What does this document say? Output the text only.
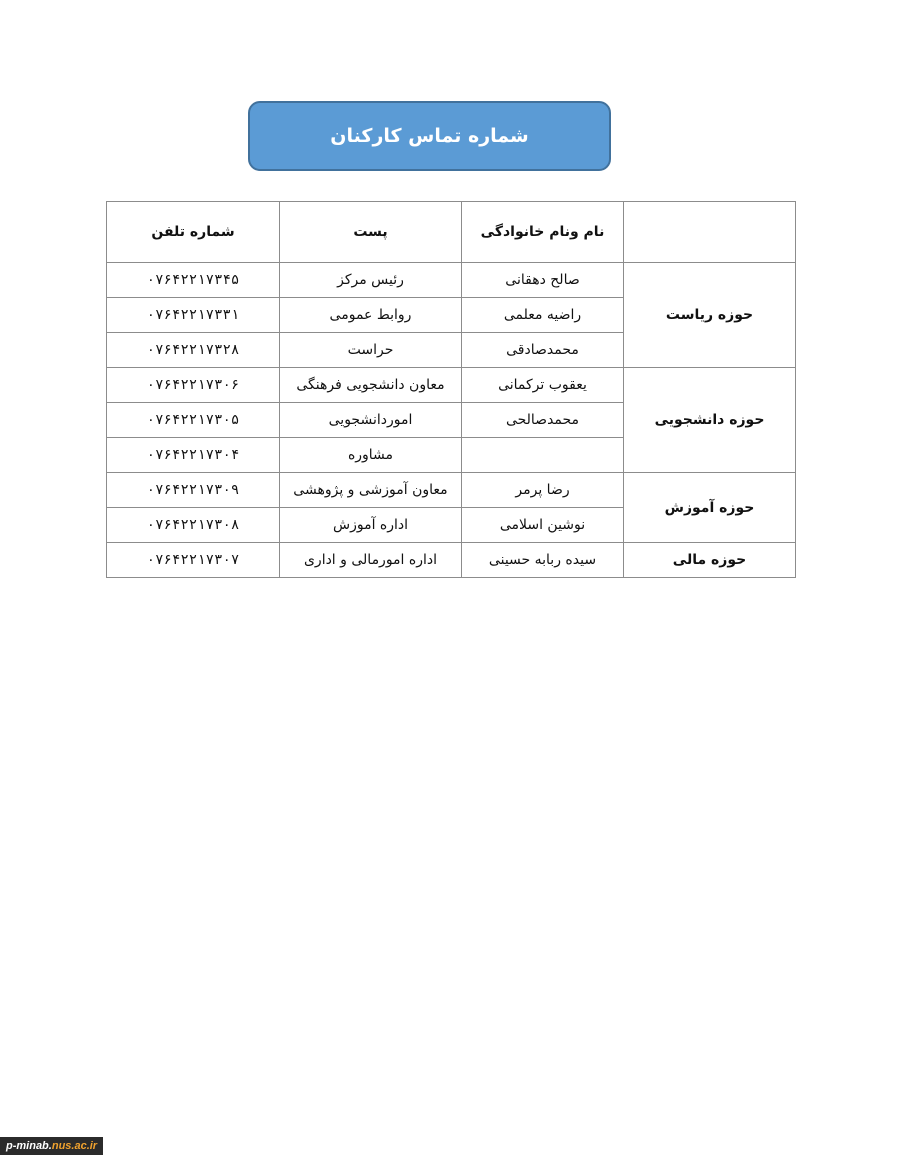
شماره تماس کارکنان
	نام ونام خانوادگی	پست	شماره تلفن
حوزه ریاست	صالح دهقانی	رئیس مرکز	۰۷۶۴۲۲۱۷۳۴۵
	راضیه معلمی	روابط عمومی	۰۷۶۴۲۲۱۷۳۳۱
	محمدصادقی	حراست	۰۷۶۴۲۲۱۷۳۲۸
حوزه دانشجویی	یعقوب ترکمانی	معاون دانشجویی فرهنگی	۰۷۶۴۲۲۱۷۳۰۶
	محمدصالحی	اموردانشجویی	۰۷۶۴۲۲۱۷۳۰۵
		مشاوره	۰۷۶۴۲۲۱۷۳۰۴
حوزه آموزش	رضا پرمر	معاون آموزشی و پژوهشی	۰۷۶۴۲۲۱۷۳۰۹
	نوشین اسلامی	اداره آموزش	۰۷۶۴۲۲۱۷۳۰۸
حوزه مالی	سیده ربابه حسینی	اداره امورمالی و اداری	۰۷۶۴۲۲۱۷۳۰۷
p-minab.nus.ac.ir
